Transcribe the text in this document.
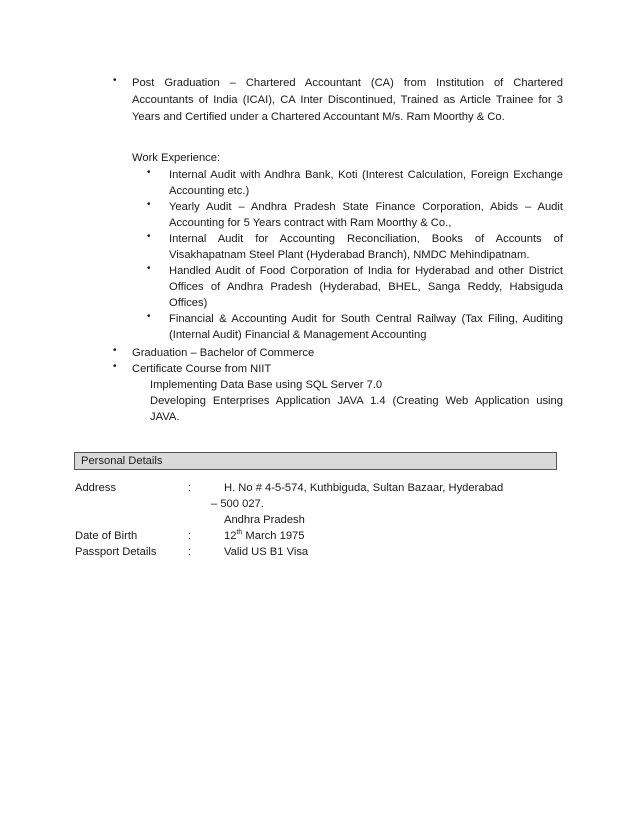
• Post Graduation – Chartered Accountant (CA) from Institution of Chartered
Accountants of India (ICAI), CA Inter Discontinued, Trained as Article Trainee for 3
Years and Certified under a Chartered Accountant M/s. Ram Moorthy & Co.
Work Experience:
• Internal Audit with Andhra Bank, Koti (Interest Calculation, Foreign Exchange
Accounting etc.)
• Yearly Audit – Andhra Pradesh State Finance Corporation, Abids – Audit
Accounting for 5 Years contract with Ram Moorthy & Co.,
• Internal Audit for Accounting Reconciliation, Books of Accounts of
Visakhapatnam Steel Plant (Hyderabad Branch), NMDC Mehindipatnam.
• Handled Audit of Food Corporation of India for Hyderabad and other District
Offices of Andhra Pradesh (Hyderabad, BHEL, Sanga Reddy, Habsiguda
Offices)
• Financial & Accounting Audit for South Central Railway (Tax Filing, Auditing
(Internal Audit) Financial & Management Accounting
• Graduation – Bachelor of Commerce
• Certificate Course from NIIT
Implementing Data Base using SQL Server 7.0
Developing Enterprises Application JAVA 1.4 (Creating Web Application using
JAVA.
Personal Details
Address	:	H. No # 4-5-574, Kuthbiguda, Sultan Bazaar, Hyderabad
– 500 027.
Andhra Pradesh
Date of Birth	:	12th March 1975
Passport Details	:	Valid US B1 Visa
